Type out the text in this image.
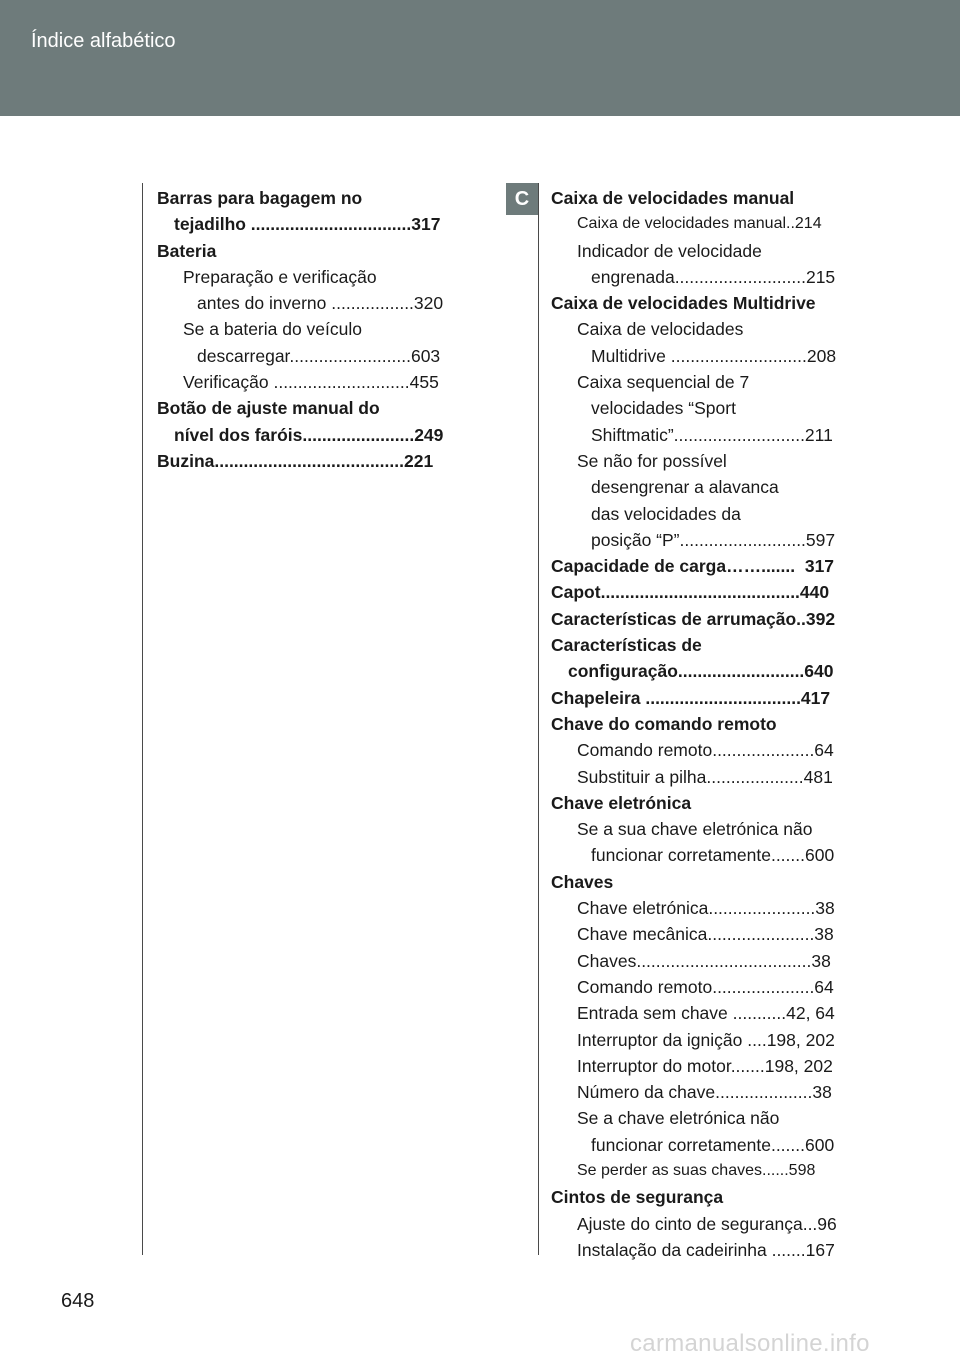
Índice alfabético
C
Barras para bagagem no
tejadilho .................................317
Bateria
Preparação e verificação
antes do inverno .................320
Se a bateria do veículo
descarregar.........................603
Verificação ............................455
Botão de ajuste manual do
nível dos faróis.......................249
Buzina.......................................221
Caixa de velocidades manual
Caixa de velocidades manual..214
Indicador de velocidade
engrenada...........................215
Caixa de velocidades Multidrive
Caixa de velocidades
Multidrive ............................208
Caixa sequencial de 7
velocidades “Sport
Shiftmatic”...........................211
Se não for possível
desengrenar a alavanca
das velocidades da
posição “P”..........................597
Capacidade de carga…….......  317
Capot.........................................440
Características de arrumação..392
Características de
configuração..........................640
Chapeleira ................................417
Chave do comando remoto
Comando remoto.....................64
Substituir a pilha....................481
Chave eletrónica
Se a sua chave eletrónica não
funcionar corretamente.......600
Chaves
Chave eletrónica......................38
Chave mecânica......................38
Chaves....................................38
Comando remoto.....................64
Entrada sem chave ...........42, 64
Interruptor da ignição ....198, 202
Interruptor do motor.......198, 202
Número da chave....................38
Se a chave eletrónica não
funcionar corretamente.......600
Se perder as suas chaves......598
Cintos de segurança
Ajuste do cinto de segurança...96
Instalação da cadeirinha .......167
648
carmanualsonline.info
